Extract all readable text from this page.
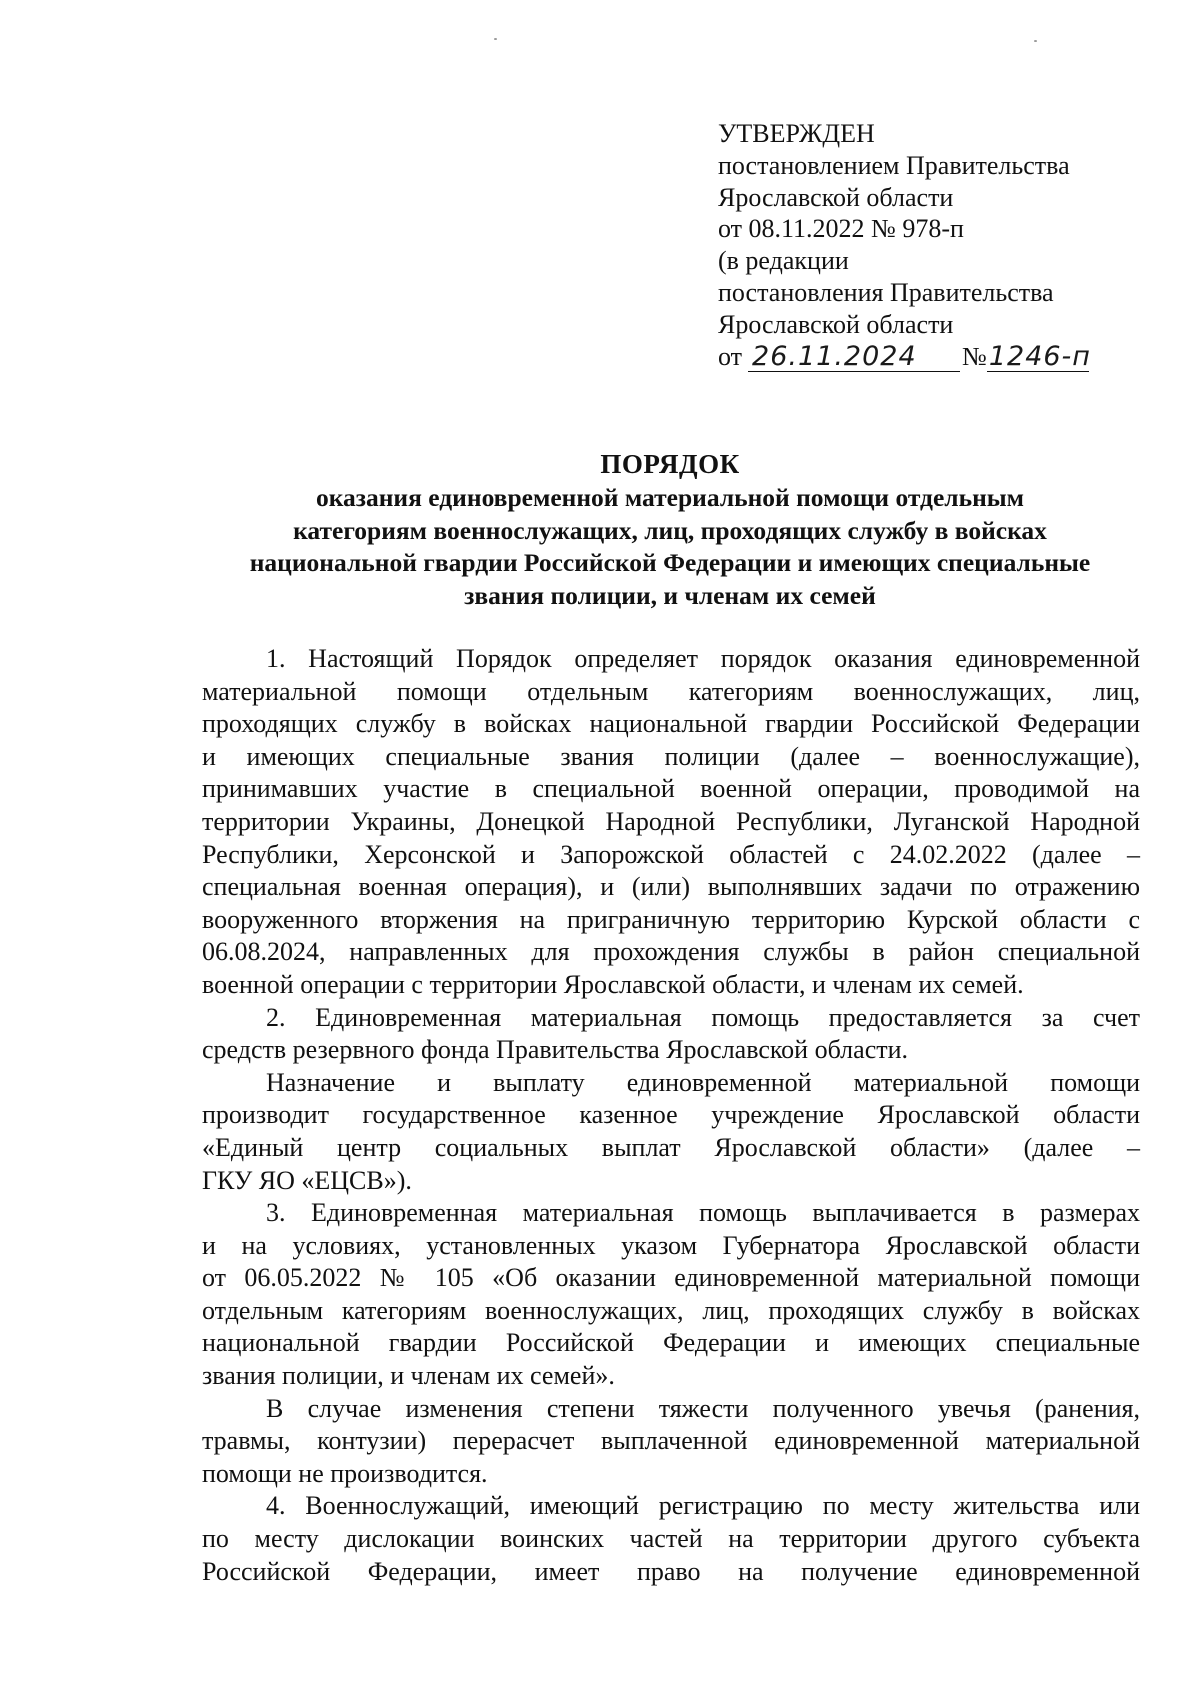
УТВЕРЖДЕН
постановлением Правительства
Ярославской области
от 08.11.2022 № 978-п
(в редакции
постановления Правительства
Ярославской области
от 26.11.2024	№ 1246-п

ПОРЯДОК

оказания единовременной материальной помощи отдельным
категориям военнослужащих, лиц, проходящих службу в войсках
национальной гвардии Российской Федерации и имеющих специальные
звания полиции, и членам их семей

1. Настоящий Порядок определяет порядок оказания единовременной
материальной помощи отдельным категориям военнослужащих, лиц,
проходящих службу в войсках национальной гвардии Российской Федерации
и имеющих специальные звания полиции (далее – военнослужащие),
принимавших участие в специальной военной операции, проводимой на
территории Украины, Донецкой Народной Республики, Луганской Народной
Республики, Херсонской и Запорожской областей с 24.02.2022 (далее –
специальная военная операция), и (или) выполнявших задачи по отражению
вооруженного вторжения на приграничную территорию Курской области с
06.08.2024, направленных для прохождения службы в район специальной
военной операции с территории Ярославской области, и членам их семей.
2. Единовременная материальная помощь предоставляется за счет
средств резервного фонда Правительства Ярославской области.
Назначение и выплату единовременной материальной помощи
производит государственное казенное учреждение Ярославской области
«Единый центр социальных выплат Ярославской области» (далее –
ГКУ ЯО «ЕЦСВ»).
3. Единовременная материальная помощь выплачивается в размерах
и на условиях, установленных указом Губернатора Ярославской области
от 06.05.2022 № 105 «Об оказании единовременной материальной помощи
отдельным категориям военнослужащих, лиц, проходящих службу в войсках
национальной гвардии Российской Федерации и имеющих специальные
звания полиции, и членам их семей».
В случае изменения степени тяжести полученного увечья (ранения,
травмы, контузии) перерасчет выплаченной единовременной материальной
помощи не производится.
4. Военнослужащий, имеющий регистрацию по месту жительства или
по месту дислокации воинских частей на территории другого субъекта
Российской Федерации, имеет право на получение единовременной
